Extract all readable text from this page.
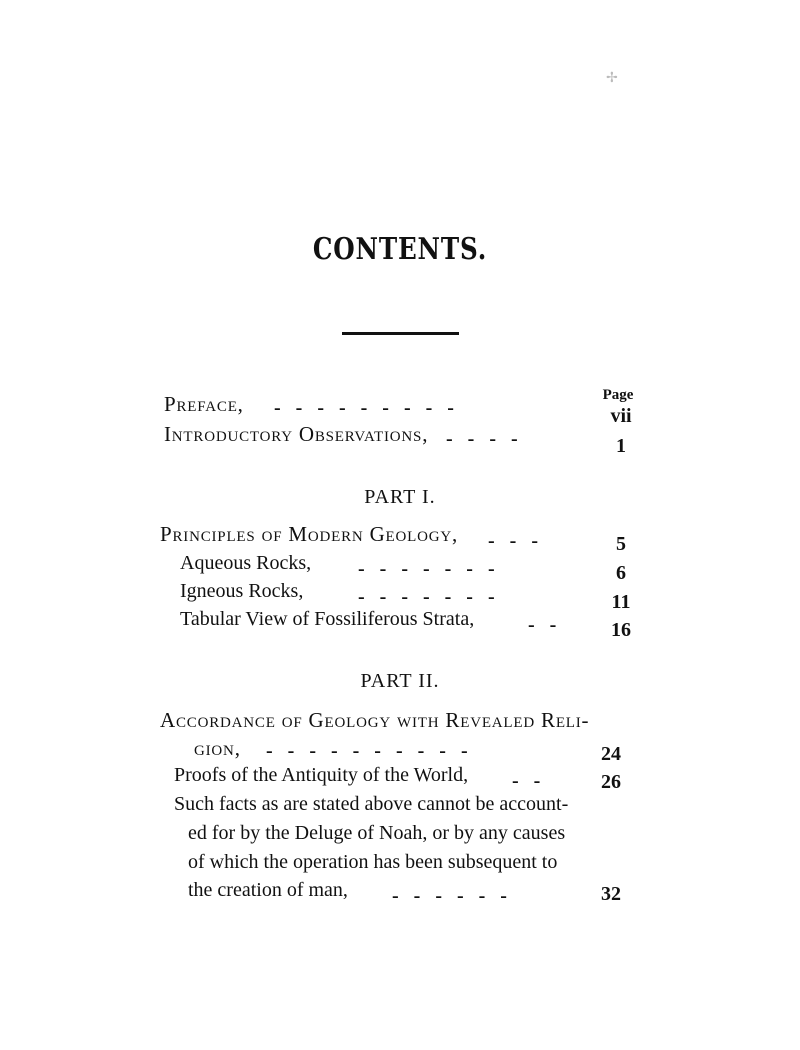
✢
CONTENTS.
Page
Preface, ---------	vii
Introductory Observations, ----	1
PART I.
Principles of Modern Geology, ---	5
Aqueous Rocks, -------	6
Igneous Rocks,	-------	11
Tabular View of Fossiliferous Strata,	--	16
PART II.
Accordance of Geology with Revealed Reli-
gion, ----------	24
Proofs of the Antiquity of the World, --	26
Such facts as are stated above cannot be account-
ed for by the Deluge of Noah, or by any causes
of which the operation has been subsequent to
the creation of man, ------	32
